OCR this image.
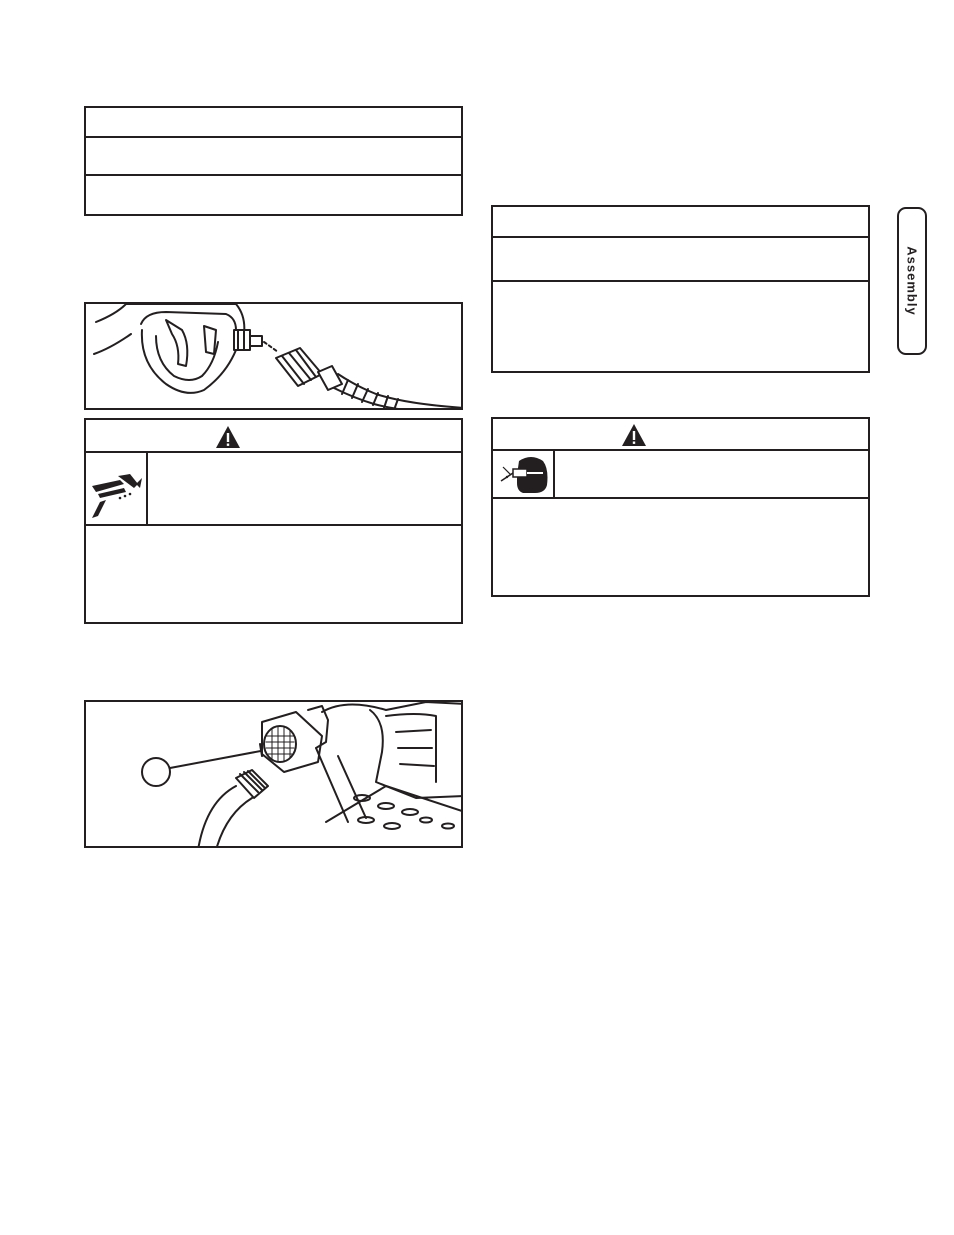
Assembly
